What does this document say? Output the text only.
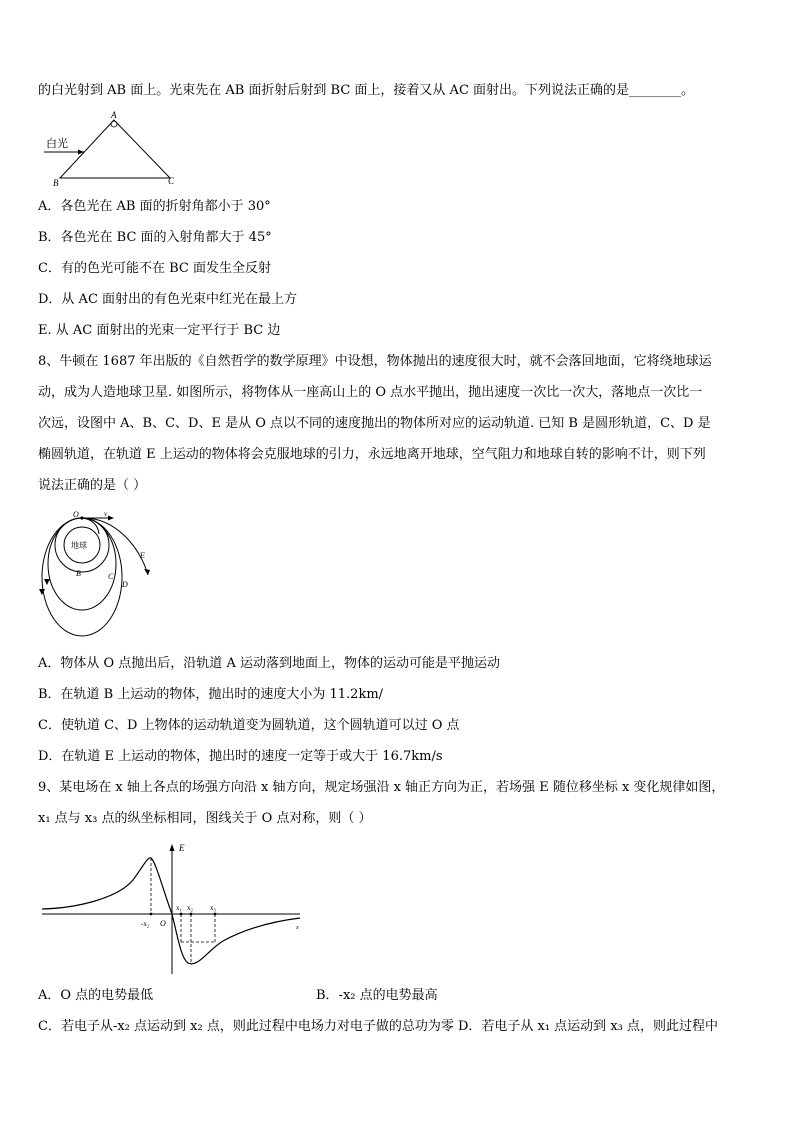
的白光射到 AB 面上。光束先在 AB 面折射后射到 BC 面上，接着又从 AC 面射出。下列说法正确的是________。
白光
A
B	C
A．各色光在 AB 面的折射角都小于 30°
B．各色光在 BC 面的入射角都大于 45°
C．有的色光可能不在 BC 面发生全反射
D．从 AC 面射出的有色光束中红光在最上方
E. 从 AC 面射出的光束一定平行于 BC 边
8、牛顿在 1687 年出版的《自然哲学的数学原理》中设想，物体抛出的速度很大时，就不会落回地面，它将绕地球运
动，成为人造地球卫星. 如图所示，将物体从一座高山上的 O 点水平抛出，抛出速度一次比一次大，落地点一次比一
次远，设图中 A、B、C、D、E 是从 O 点以不同的速度抛出的物体所对应的运动轨道. 已知 B 是圆形轨道，C、D 是
椭圆轨道，在轨道 E 上运动的物体将会克服地球的引力，永远地离开地球，空气阻力和地球自转的影响不计，则下列
说法正确的是（ ）
地球
O	v
B	C
D
E
A．物体从 O 点抛出后，沿轨道 A 运动落到地面上，物体的运动可能是平抛运动
B．在轨道 B 上运动的物体，抛出时的速度大小为 11.2km/
C．使轨道 C、D 上物体的运动轨道变为圆轨道，这个圆轨道可以过 O 点
D．在轨道 E 上运动的物体，抛出时的速度一定等于或大于 16.7km/s
9、某电场在 x 轴上各点的场强方向沿 x 轴方向，规定场强沿 x 轴正方向为正，若场强 E 随位移坐标 x 变化规律如图，
x₁ 点与 x₃ 点的纵坐标相同，图线关于 O 点对称，则（ ）
E
x
-x₂ O
x₁ x₂ x₃
A．O 点的电势最低	B．-x₂ 点的电势最高
C．若电子从-x₂ 点运动到 x₂ 点，则此过程中电场力对电子做的总功为零 D．若电子从 x₁ 点运动到 x₃ 点，则此过程中
